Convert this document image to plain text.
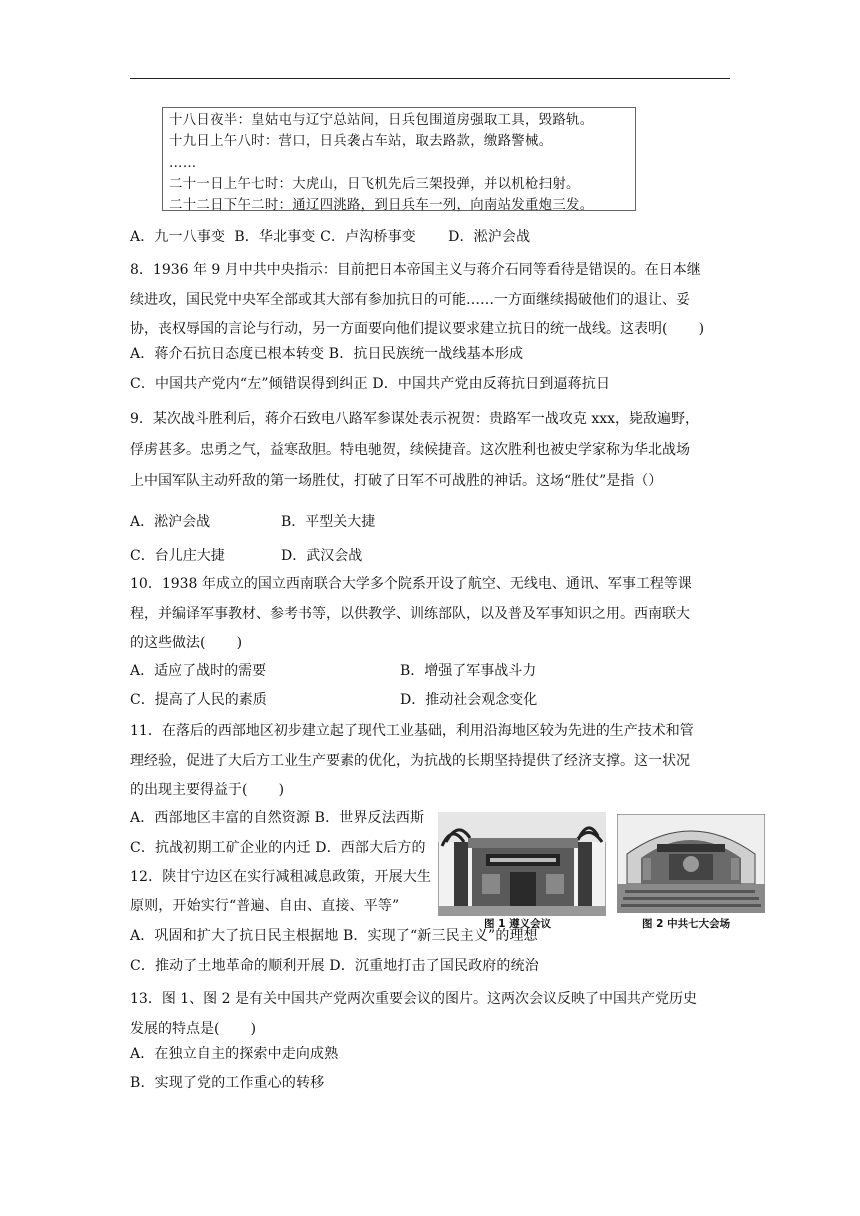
十八日夜半：皇姑屯与辽宁总站间，日兵包围道房强取工具，毁路轨。
十九日上午八时：营口，日兵袭占车站，取去路款，缴路警械。
……
二十一日上午七时：大虎山，日飞机先后三架投弹，并以机枪扫射。
二十二日下午二时：通辽四洮路，到日兵车一列，向南站发重炮三发。
A．九一八事变  B．华北事变 C．卢沟桥事变       D．淞沪会战

8．1936 年 9 月中共中央指示：目前把日本帝国主义与蒋介石同等看待是错误的。在日本继

续进攻，国民党中央军全部或其大部有参加抗日的可能……一方面继续揭破他们的退让、妥

协，丧权辱国的言论与行动，另一方面要向他们提议要求建立抗日的统一战线。这表明(       )

A．蒋介石抗日态度已根本转变 B．抗日民族统一战线基本形成
C．中国共产党内“左”倾错误得到纠正 D．中国共产党由反蒋抗日到逼蒋抗日

9．某次战斗胜利后，蒋介石致电八路军参谋处表示祝贺：贵路军一战攻克 xxx，毙敌遍野，

俘虏甚多。忠勇之气，益寒敌胆。特电驰贺，续候捷音。这次胜利也被史学家称为华北战场

上中国军队主动歼敌的第一场胜仗，打破了日军不可战胜的神话。这场“胜仗”是指（）

A．淞沪会战	B．平型关大捷
C．台儿庄大捷	D．武汉会战

10．1938 年成立的国立西南联合大学多个院系开设了航空、无线电、通讯、军事工程等课

程，并编译军事教材、参考书等，以供教学、训练部队，以及普及军事知识之用。西南联大

的这些做法(       )

A．适应了战时的需要	B．增强了军事战斗力
C．提高了人民的素质	D．推动社会观念变化

11．在落后的西部地区初步建立起了现代工业基础，利用沿海地区较为先进的生产技术和管

理经验，促进了大后方工业生产要素的优化，为抗战的长期坚持提供了经济支撑。这一状况

的出现主要得益于(       )

A．西部地区丰富的自然资源 B．世界反法西斯
C．抗战初期工矿企业的内迁 D．西部大后方的
12．陕甘宁边区在实行减租减息政策，开展大生
原则，开始实行“普遍、自由、直接、平等”
A．巩固和扩大了抗日民主根据地 B．实现了“新三民主义”的理想
C．推动了土地革命的顺利开展 D．沉重地打击了国民政府的统治
图 1 遵义会议	图 2 中共七大会场

13．图 1、图 2 是有关中国共产党两次重要会议的图片。这两次会议反映了中国共产党历史

发展的特点是(       )

A．在独立自主的探索中走向成熟
B．实现了党的工作重心的转移
